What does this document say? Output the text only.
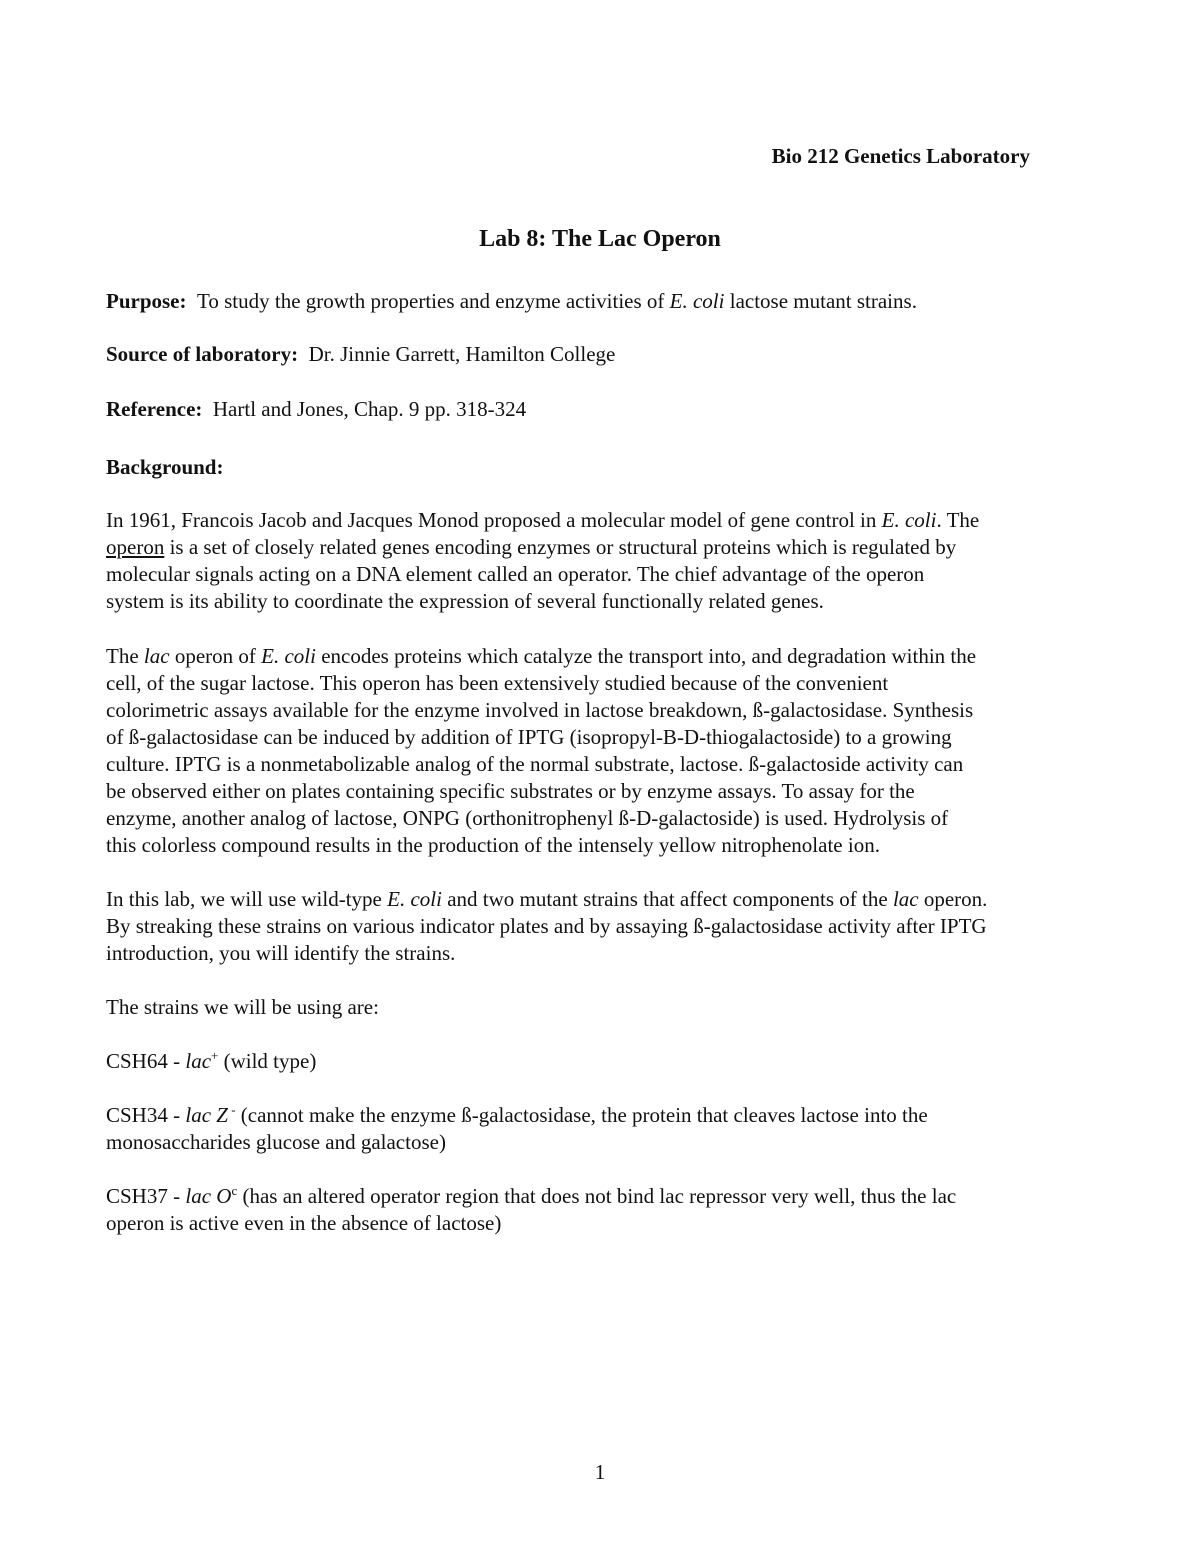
Bio 212 Genetics Laboratory
Lab 8: The Lac Operon
Purpose: To study the growth properties and enzyme activities of E. coli lactose mutant strains.
Source of laboratory: Dr. Jinnie Garrett, Hamilton College
Reference: Hartl and Jones, Chap. 9 pp. 318-324
Background:
In 1961, Francois Jacob and Jacques Monod proposed a molecular model of gene control in E. coli. The
operon is a set of closely related genes encoding enzymes or structural proteins which is regulated by
molecular signals acting on a DNA element called an operator. The chief advantage of the operon
system is its ability to coordinate the expression of several functionally related genes.
The lac operon of E. coli encodes proteins which catalyze the transport into, and degradation within the
cell, of the sugar lactose. This operon has been extensively studied because of the convenient
colorimetric assays available for the enzyme involved in lactose breakdown, ß-galactosidase. Synthesis
of ß-galactosidase can be induced by addition of IPTG (isopropyl-B-D-thiogalactoside) to a growing
culture. IPTG is a nonmetabolizable analog of the normal substrate, lactose. ß-galactoside activity can
be observed either on plates containing specific substrates or by enzyme assays. To assay for the
enzyme, another analog of lactose, ONPG (orthonitrophenyl ß-D-galactoside) is used. Hydrolysis of
this colorless compound results in the production of the intensely yellow nitrophenolate ion.
In this lab, we will use wild-type E. coli and two mutant strains that affect components of the lac operon.
By streaking these strains on various indicator plates and by assaying ß-galactosidase activity after IPTG
introduction, you will identify the strains.
The strains we will be using are:
CSH64 - lac+ (wild type)
CSH34 - lac Z - (cannot make the enzyme ß-galactosidase, the protein that cleaves lactose into the
monosaccharides glucose and galactose)
CSH37 - lac $O^c$ (has an altered operator region that does not bind lac repressor very well, thus the lac
operon is active even in the absence of lactose)
1
